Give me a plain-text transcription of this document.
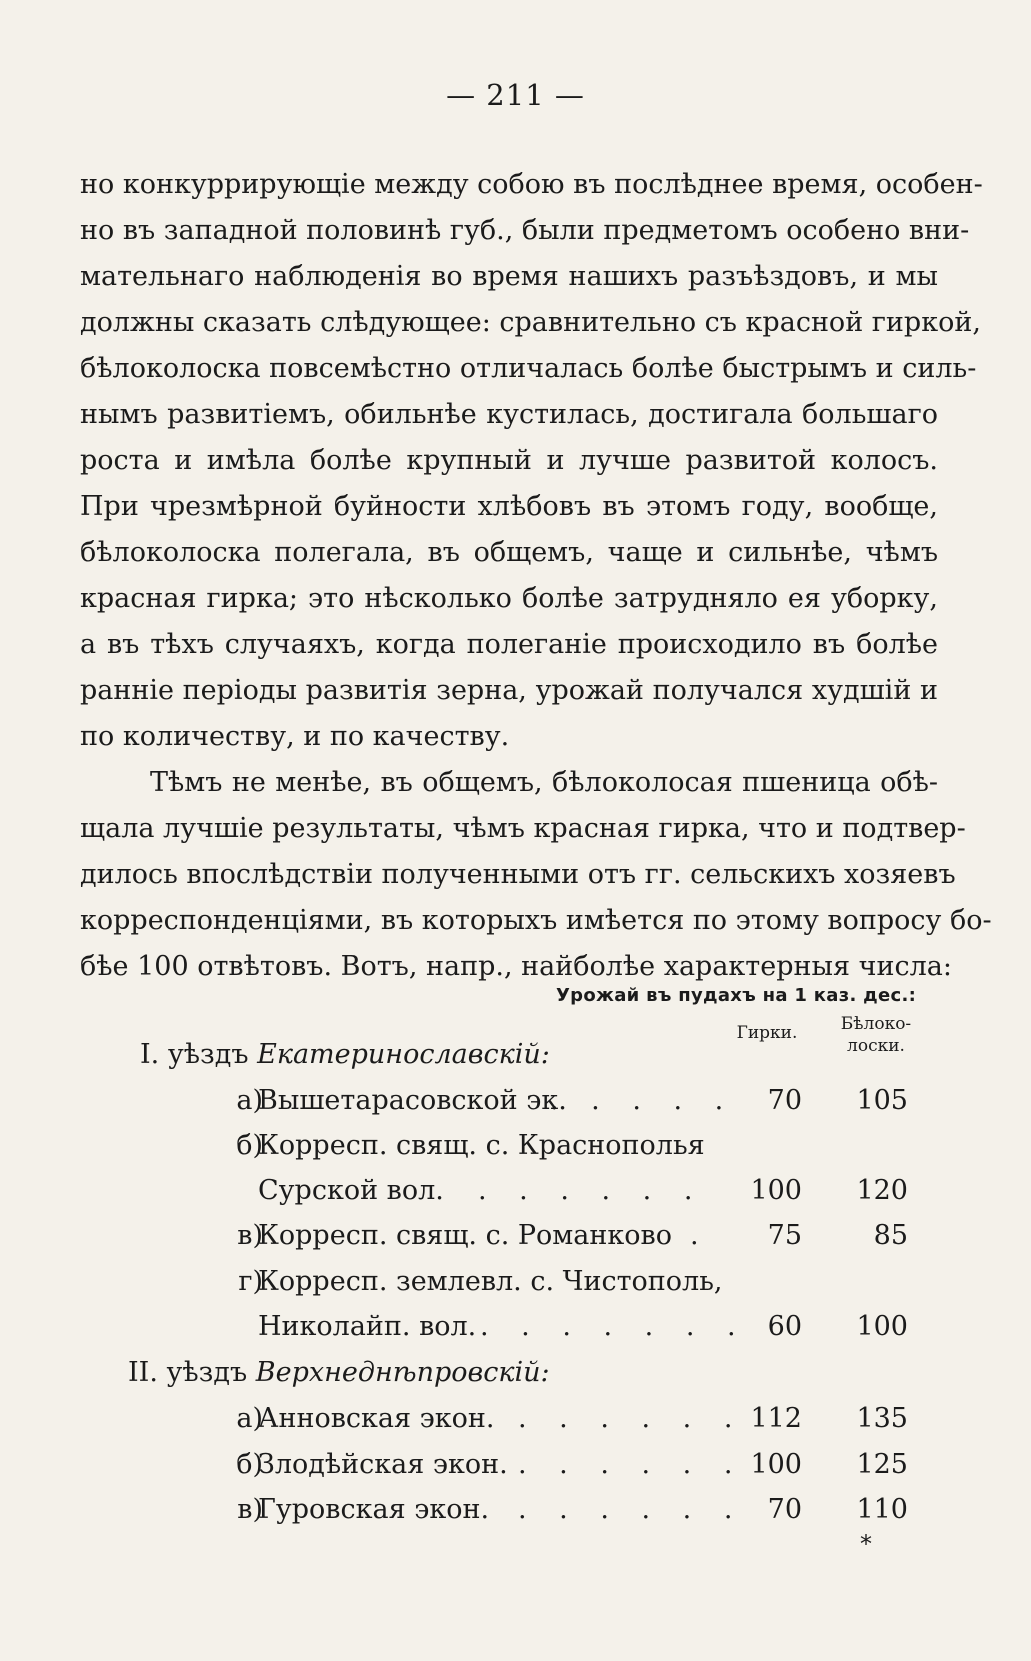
— 211 —
но конкуррирующіе между собою въ послѣднее время, особен-
но въ западной половинѣ губ., были предметомъ особено вни-
мательнаго наблюденія во время нашихъ разъѣздовъ, и мы
должны сказать слѣдующее: сравнительно съ красной гиркой,
бѣлоколоска повсемѣстно отличалась болѣе быстрымъ и силь-
нымъ развитіемъ, обильнѣе кустилась, достигала большаго
роста и имѣла болѣе крупный и лучше развитой колосъ.
При чрезмѣрной буйности хлѣбовъ въ этомъ году, вообще,
бѣлоколоска полегала, въ общемъ, чаще и сильнѣе, чѣмъ
красная гирка; это нѣсколько болѣе затрудняло ея уборку,
а въ тѣхъ случаяхъ, когда полеганіе происходило въ болѣе
ранніе періоды развитія зерна, урожай получался худшій и
по количеству, и по качеству.
Тѣмъ не менѣе, въ общемъ, бѣлоколосая пшеница обѣ-
щала лучшіе результаты, чѣмъ красная гирка, что и подтвер-
дилось впослѣдствіи полученными отъ гг. сельскихъ хозяевъ
корреспонденціями, въ которыхъ имѣется по этому вопросу бо-
бѣе 100 отвѣтовъ. Вотъ, напр., найболѣе характерныя числа:
Урожай въ пудахъ на 1 каз. дес.:
Гирки.	Бѣлоко-
лоски.
I. уѣздъ Екатеринославскій:
а)
Вышетарасовской эк.
. . . . .	70	105
б)
Корресп. свящ. с. Краснополья
Сурской вол. . . . . . .	100	120
в)
Корресп. свящ. с. Романково .	75	85
г)
Корресп. землевл. с. Чистополь,
Николайп. вол. . . . . . . . 60	100
II. уѣздъ Верхнеднѣпровскій:
а)
Анновская экон. . . . . . . 112	135
б)
Злодѣйская экон. . . . . . . 100	125
в)
Гуровская экон. . . . . . . 70	110
*
